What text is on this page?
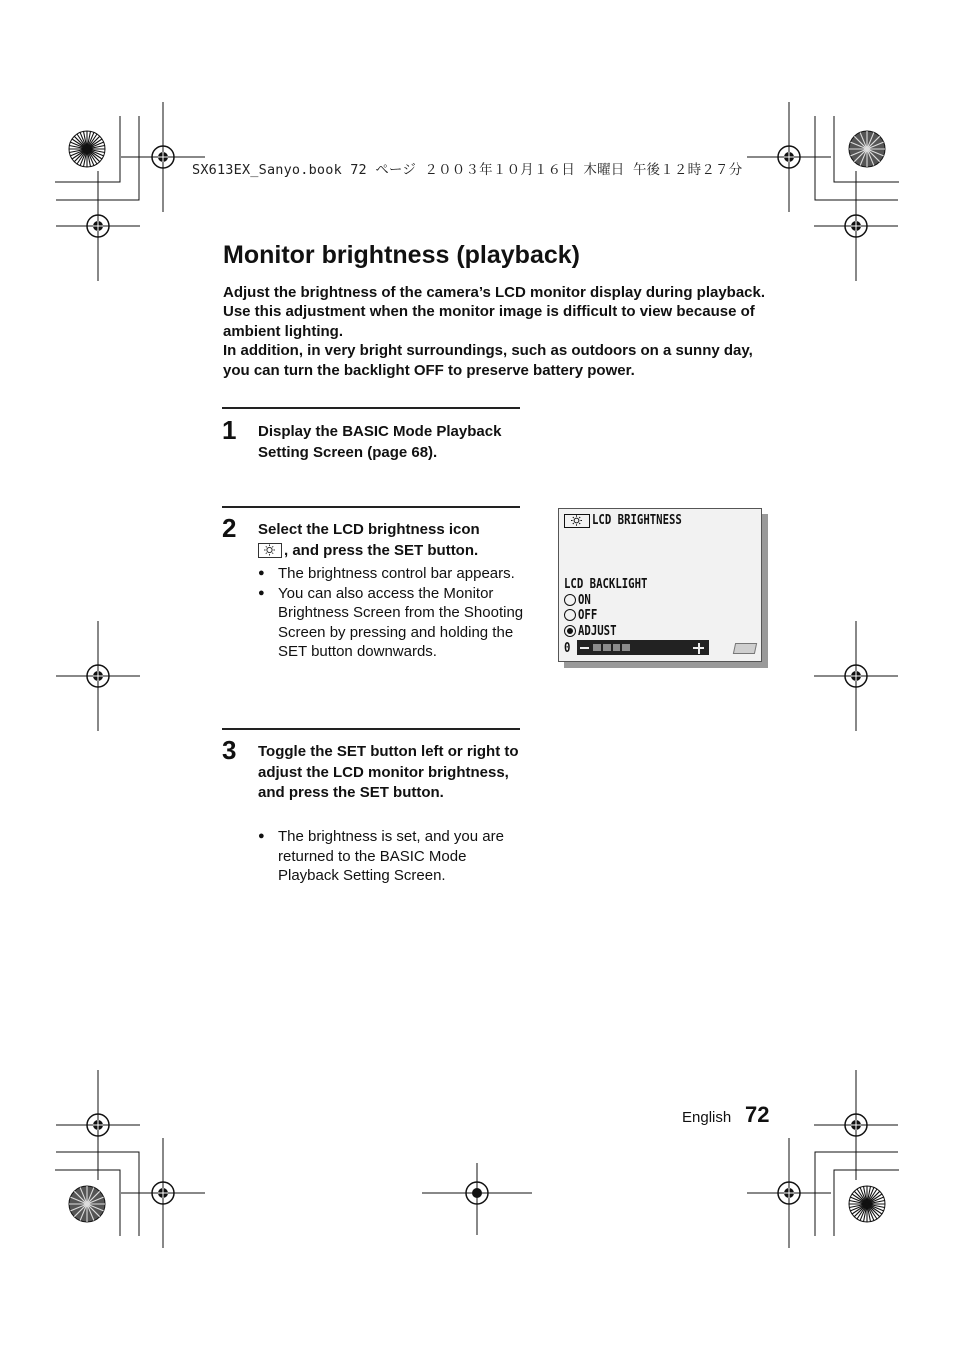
SX613EX_Sanyo.book 72 ページ ２００３年１０月１６日 木曜日 午後１２時２７分
Monitor brightness (playback)

Adjust the brightness of the camera’s LCD monitor display during playback. Use this adjustment when the monitor image is difficult to view because of ambient lighting.

In addition, in very bright surroundings, such as outdoors on a sunny day, you can turn the backlight OFF to preserve battery power.

1 Display the BASIC Mode Playback Setting Screen (page 68).

2 Select the LCD brightness icon

, and press the SET button.

● The brightness control bar appears.
● You can also access the Monitor Brightness Screen from the Shooting Screen by pressing and holding the SET button downwards.
3 Toggle the SET button left or right to adjust the LCD monitor brightness, and press the SET button.

● The brightness is set, and you are returned to the BASIC Mode Playback Setting Screen.
LCD BRIGHTNESS
LCD BACKLIGHT
ON
OFF
ADJUST
0
English 72
